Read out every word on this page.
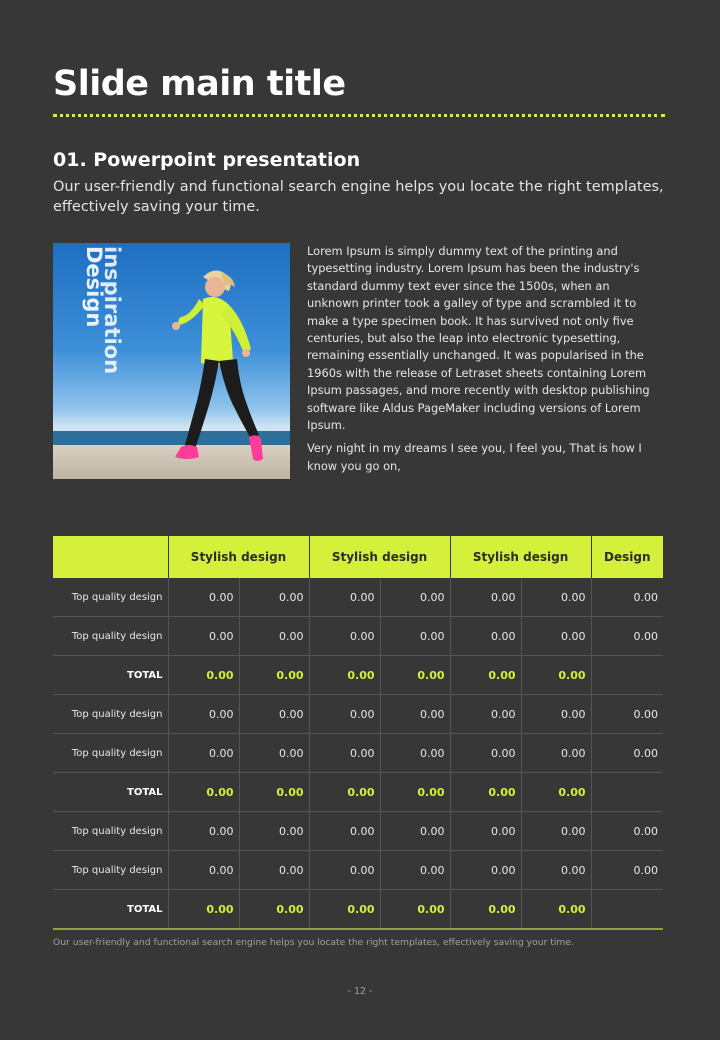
Slide main title
01. Powerpoint presentation
Our user-friendly and functional search engine helps you locate the right templates, effectively saving your time.
Design
inspiration	Lorem Ipsum is simply dummy text of the printing and typesetting industry. Lorem Ipsum has been the industry's standard dummy text ever since the 1500s, when an unknown printer took a galley of type and scrambled it to make a type specimen book. It has survived not only five centuries, but also the leap into electronic typesetting, remaining essentially unchanged. It was popularised in the 1960s with the release of Letraset sheets containing Lorem Ipsum passages, and more recently with desktop publishing software like Aldus PageMaker including versions of Lorem Ipsum.

Very night in my dreams I see you, I feel you, That is how I know you go on,

	Stylish design		Stylish design		Stylish design		Design
Top quality design	0.00	0.00	0.00	0.00	0.00	0.00	0.00
Top quality design	0.00	0.00	0.00	0.00	0.00	0.00	0.00
TOTAL	0.00	0.00	0.00	0.00	0.00	0.00	
Top quality design	0.00	0.00	0.00	0.00	0.00	0.00	0.00
Top quality design	0.00	0.00	0.00	0.00	0.00	0.00	0.00
TOTAL	0.00	0.00	0.00	0.00	0.00	0.00	
Top quality design	0.00	0.00	0.00	0.00	0.00	0.00	0.00
Top quality design	0.00	0.00	0.00	0.00	0.00	0.00	0.00
TOTAL	0.00	0.00	0.00	0.00	0.00	0.00	
Our user-friendly and functional search engine helps you locate the right templates, effectively saving your time.
- 12 -
